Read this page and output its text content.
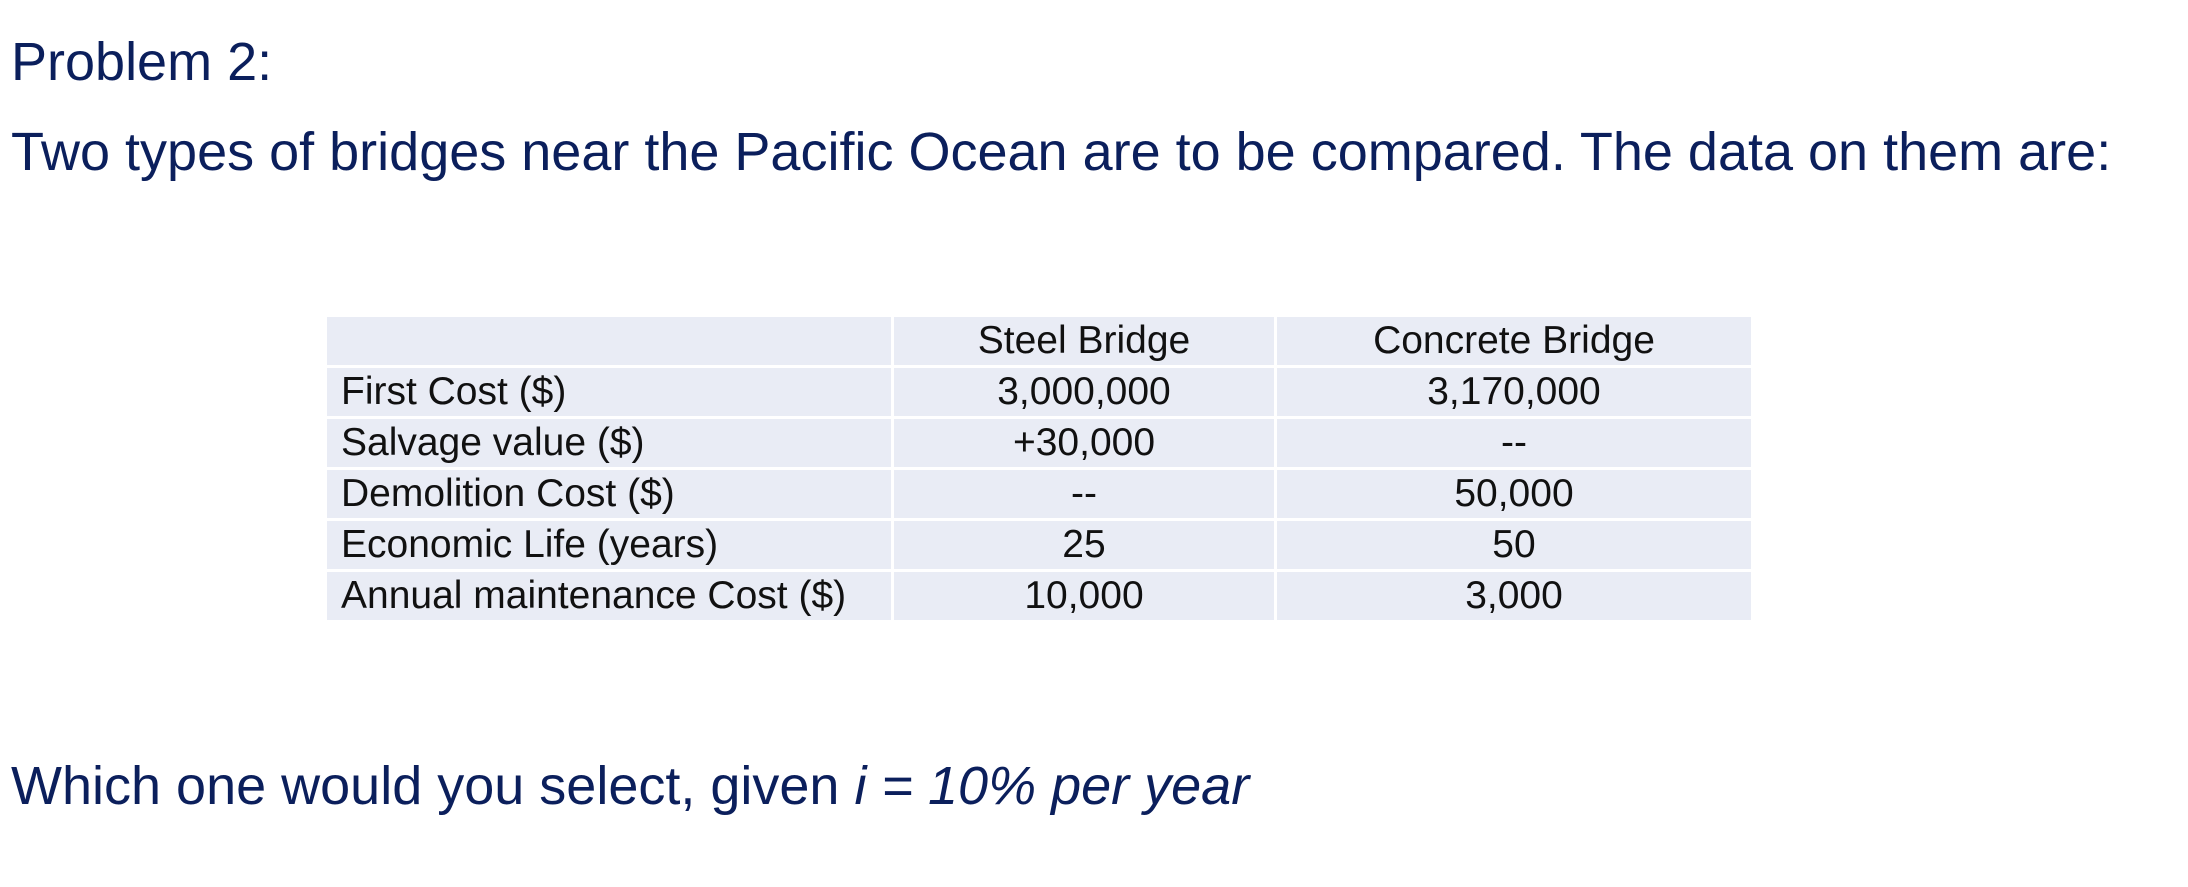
Problem 2:
Two types of bridges near the Pacific Ocean are to be compared. The data on them are:
	Steel Bridge	Concrete Bridge
First Cost ($)	3,000,000	3,170,000
Salvage value ($)	+30,000	--
Demolition Cost ($)	--	50,000
Economic Life (years)	25	50
Annual maintenance Cost ($)	10,000	3,000
Which one would you select, given i = 10% per year
